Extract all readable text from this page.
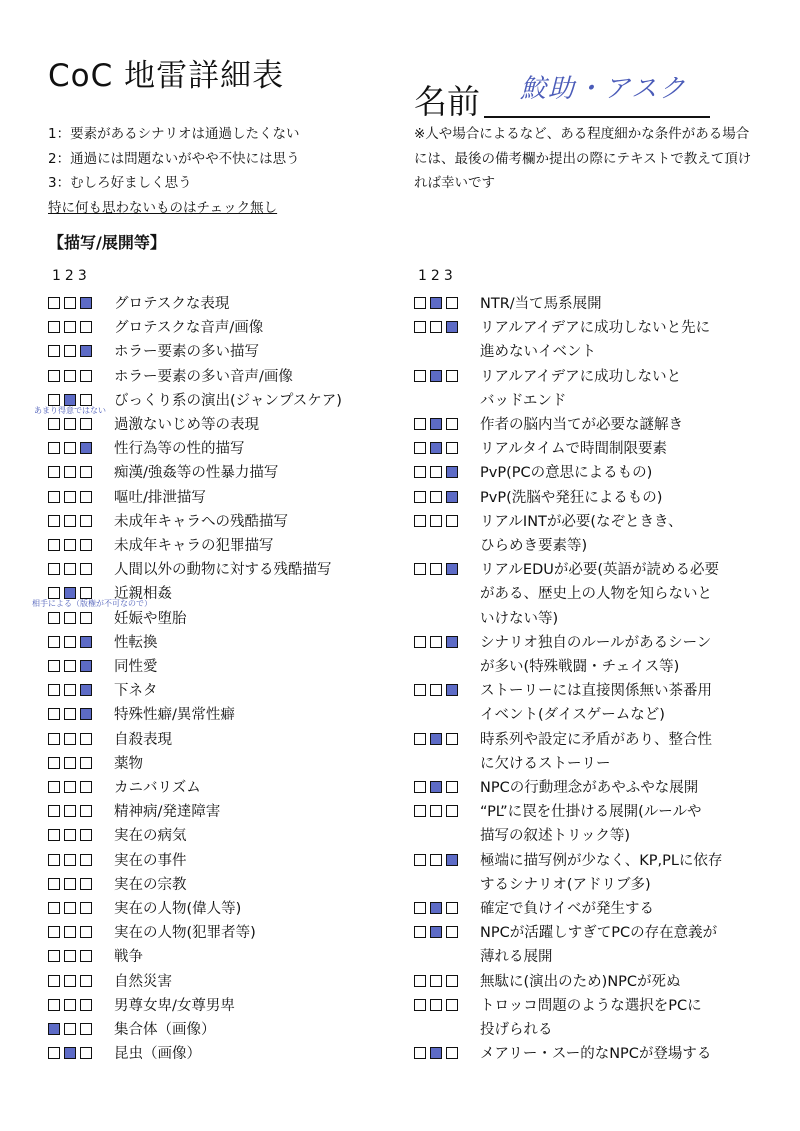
CoC 地雷詳細表
名前 鮫助・アスク
1：要素があるシナリオは通過したくない
2：通過には問題ないがやや不快には思う
3：むしろ好ましく思う
特に何も思わないものはチェック無し
※人や場合によるなど、ある程度細かな条件がある場合には、最後の備考欄か提出の際にテキストで教えて頂ければ幸いです
【描写/展開等】
123	123
あまり得意ではない
相手による（版権が不可なので）
グロテスクな表現
グロテスクな音声/画像
ホラー要素の多い描写
ホラー要素の多い音声/画像
びっくり系の演出(ジャンプスケア)
過激ないじめ等の表現
性行為等の性的描写
痴漢/強姦等の性暴力描写
嘔吐/排泄描写
未成年キャラへの残酷描写
未成年キャラの犯罪描写
人間以外の動物に対する残酷描写
近親相姦
妊娠や堕胎
性転換
同性愛
下ネタ
特殊性癖/異常性癖
自殺表現
薬物
カニバリズム
精神病/発達障害
実在の病気
実在の事件
実在の宗教
実在の人物(偉人等)
実在の人物(犯罪者等)
戦争
自然災害
男尊女卑/女尊男卑
集合体（画像）
昆虫（画像）
NTR/当て馬系展開
リアルアイデアに成功しないと先に
進めないイベント
リアルアイデアに成功しないと
バッドエンド
作者の脳内当てが必要な謎解き
リアルタイムで時間制限要素
PvP(PCの意思によるもの)
PvP(洗脳や発狂によるもの)
リアルINTが必要(なぞときき、
ひらめき要素等)
リアルEDUが必要(英語が読める必要
がある、歴史上の人物を知らないと
いけない等)
シナリオ独自のルールがあるシーン
が多い(特殊戦闘・チェイス等)
ストーリーには直接関係無い茶番用
イベント(ダイスゲームなど)
時系列や設定に矛盾があり、整合性
に欠けるストーリー
NPCの行動理念があやふやな展開
“PL”に罠を仕掛ける展開(ルールや
描写の叙述トリック等)
極端に描写例が少なく、KP,PLに依存
するシナリオ(アドリブ多)
確定で負けイベが発生する
NPCが活躍しすぎてPCの存在意義が
薄れる展開
無駄に(演出のため)NPCが死ぬ
トロッコ問題のような選択をPCに
投げられる
メアリー・スー的なNPCが登場する
